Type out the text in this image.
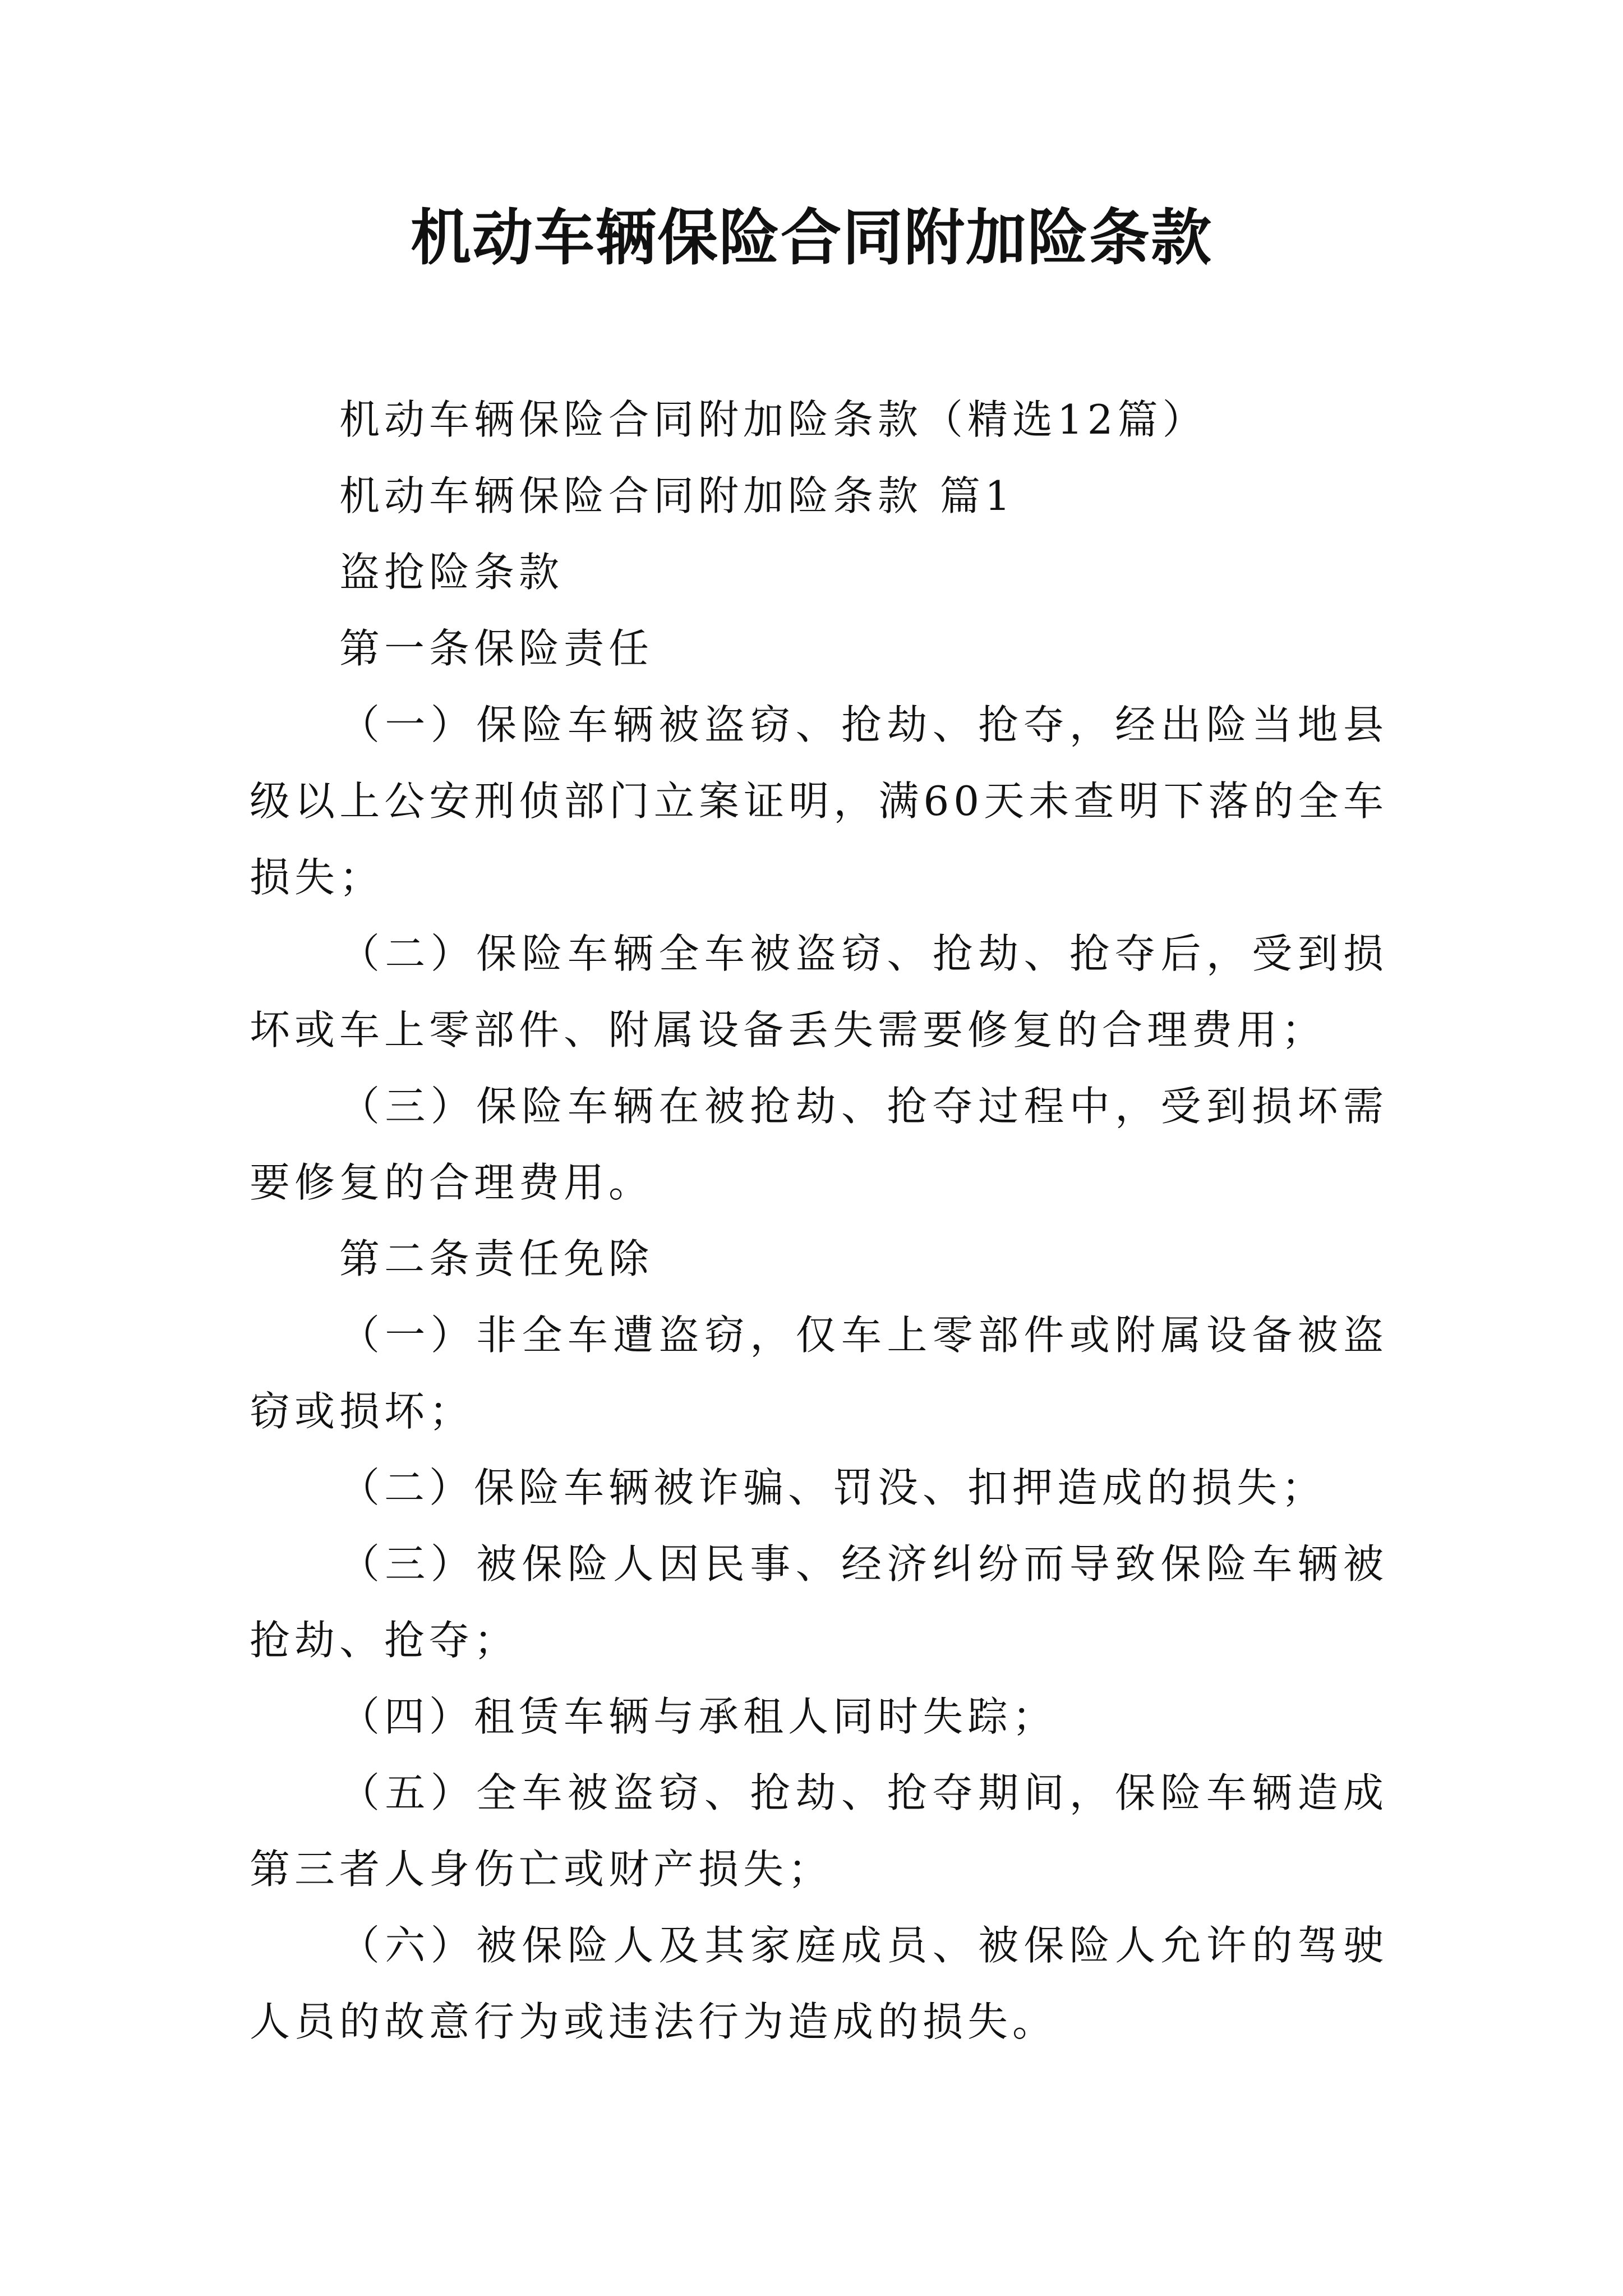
机动车辆保险合同附加险条款

机动车辆保险合同附加险条款（精选12篇）

机动车辆保险合同附加险条款 篇1

盗抢险条款

第一条保险责任

（一）保险车辆被盗窃、抢劫、抢夺，经出险当地县级以上公安刑侦部门立案证明，满60天未查明下落的全车损失；

（二）保险车辆全车被盗窃、抢劫、抢夺后，受到损坏或车上零部件、附属设备丢失需要修复的合理费用；

（三）保险车辆在被抢劫、抢夺过程中，受到损坏需要修复的合理费用。

第二条责任免除

（一）非全车遭盗窃，仅车上零部件或附属设备被盗窃或损坏；

（二）保险车辆被诈骗、罚没、扣押造成的损失；

（三）被保险人因民事、经济纠纷而导致保险车辆被抢劫、抢夺；

（四）租赁车辆与承租人同时失踪；

（五）全车被盗窃、抢劫、抢夺期间，保险车辆造成第三者人身伤亡或财产损失；

（六）被保险人及其家庭成员、被保险人允许的驾驶人员的故意行为或违法行为造成的损失。
